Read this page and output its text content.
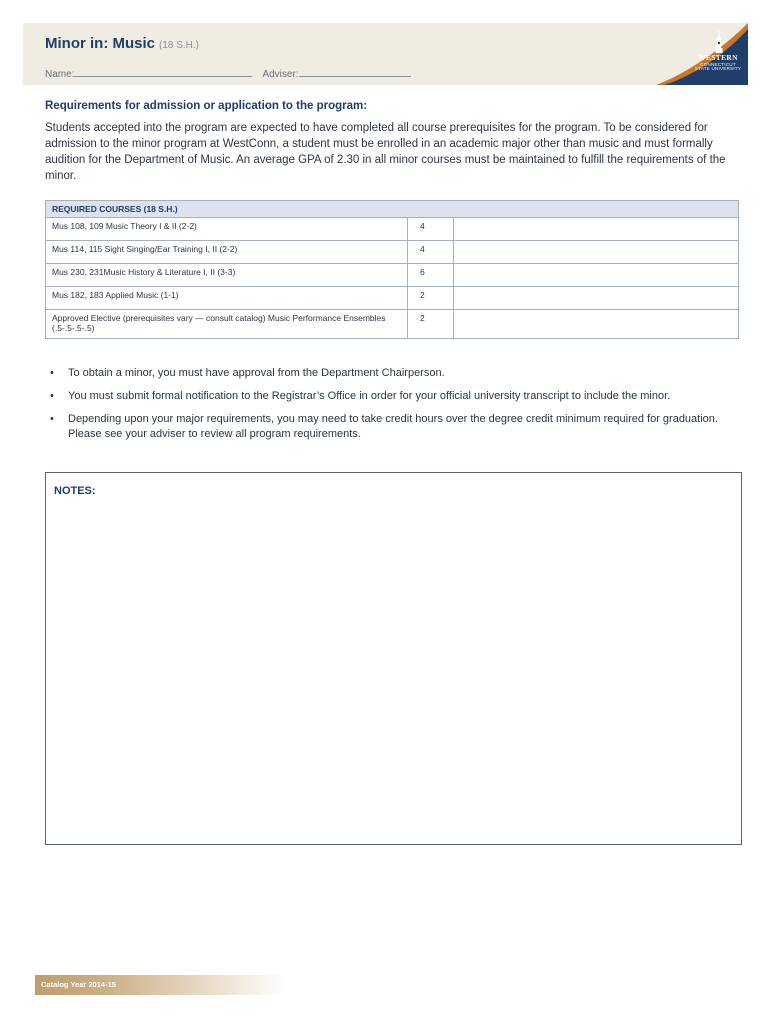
Minor in: Music (18 S.H.)
Name:	Adviser:
WESTERN
CONNECTICUT
STATE UNIVERSITY
Requirements for admission or application to the program:
Students accepted into the program are expected to have completed all course prerequisites for the program. To be considered for admission to the minor program at WestConn, a student must be enrolled in an academic major other than music and must formally audition for the Department of Music. An average GPA of 2.30 in all minor courses must be maintained to fulfill the requirements of the minor.
REQUIRED COURSES (18 S.H.)		
Mus 108, 109 Music Theory I & II (2-2)	4	
Mus 114, 115 Sight Singing/Ear Training I, II (2-2)	4	
Mus 230, 231Music History & Literature I, II (3-3)	6	
Mus 182, 183 Applied Music (1-1)	2	
Approved Elective (prerequisites vary — consult catalog) Music Performance Ensembles (.5-.5-.5-.5)	2	
• To obtain a minor, you must have approval from the Department Chairperson.
• You must submit formal notification to the Registrar’s Office in order for your official university transcript to include the minor.
• Depending upon your major requirements, you may need to take credit hours over the degree credit minimum required for graduation. Please see your adviser to review all program requirements.
NOTES:
Catalog Year 2014-15
